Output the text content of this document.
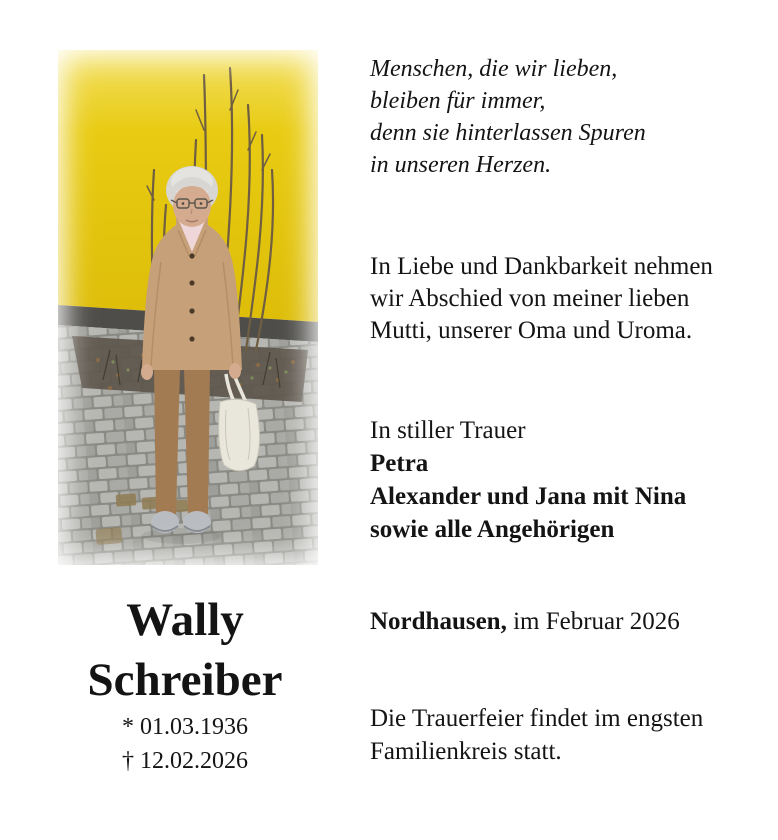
Menschen, die wir lieben,
bleiben für immer,
denn sie hinterlassen Spuren
in unseren Herzen.
In Liebe und Dankbarkeit nehmen
wir Abschied von meiner lieben
Mutti, unserer Oma und Uroma.
In stiller Trauer
Petra
Alexander und Jana mit Nina
sowie alle Angehörigen
Nordhausen, im Februar 2026
Die Trauerfeier findet im engsten
Familienkreis statt.
Wally
Schreiber
* 01.03.1936
† 12.02.2026
